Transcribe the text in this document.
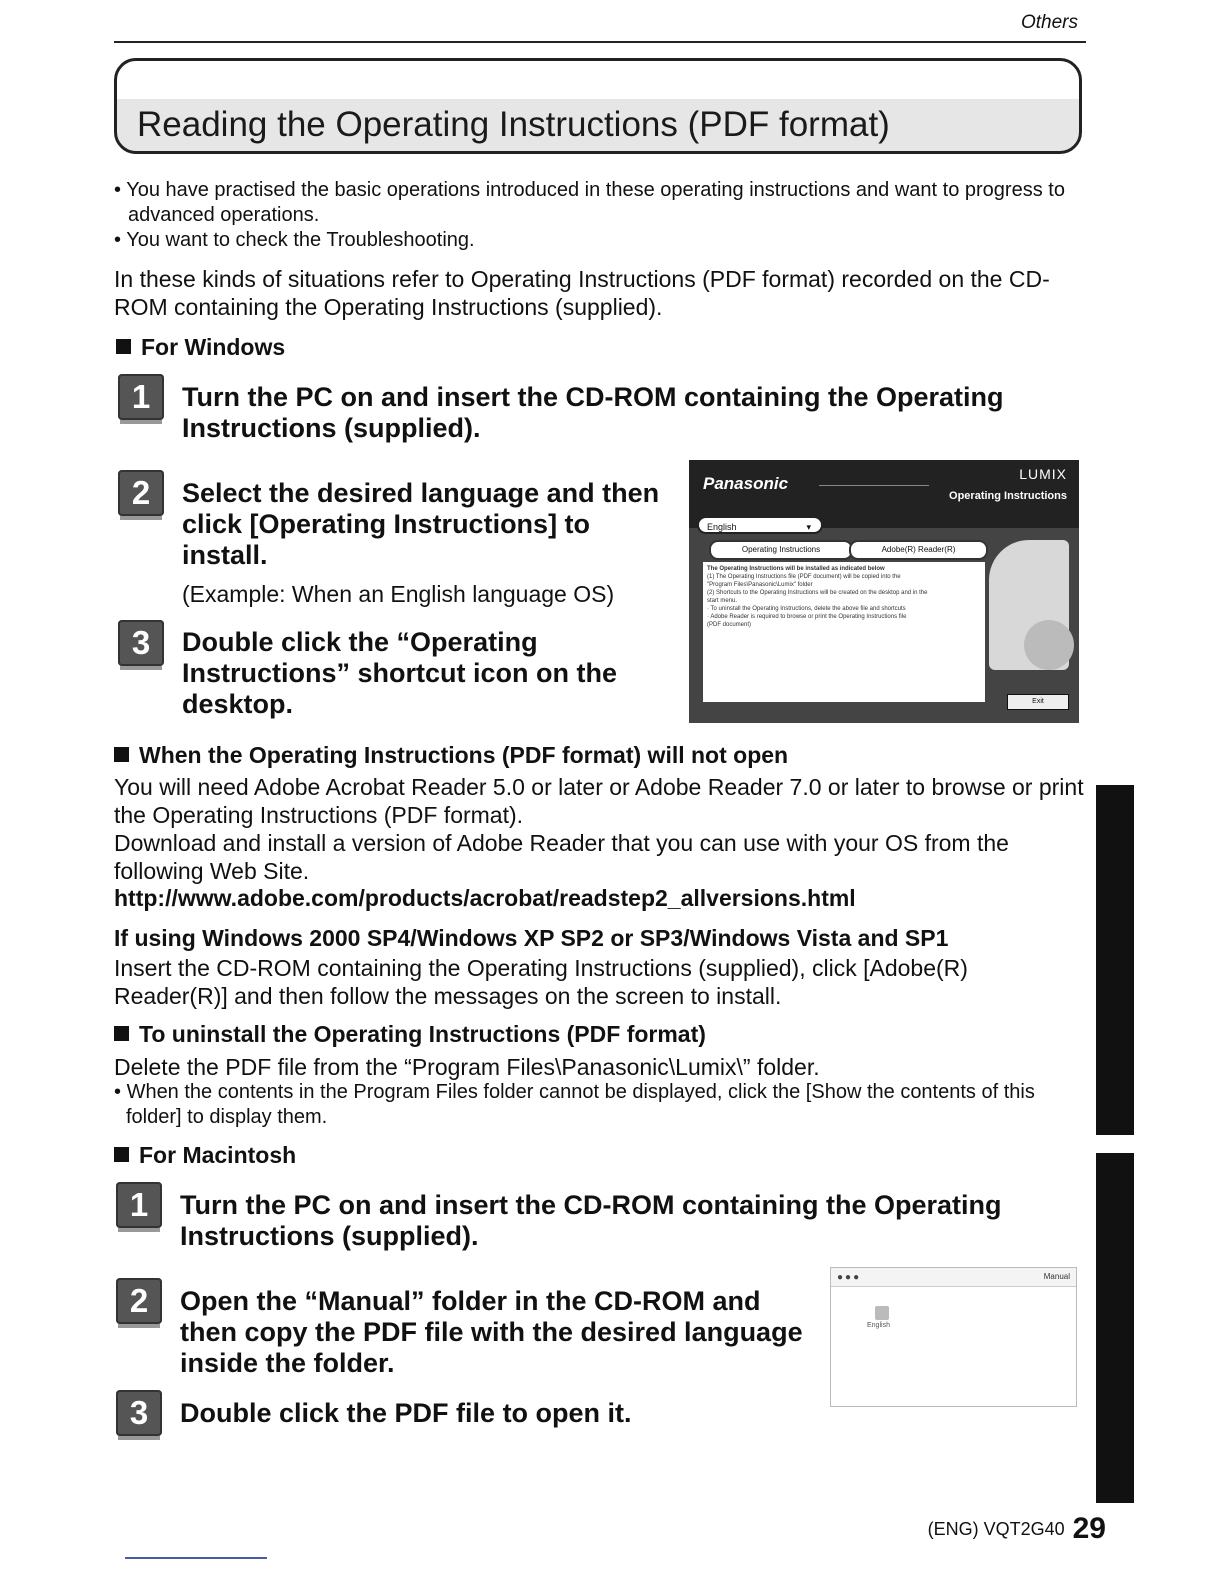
Others
Reading the Operating Instructions (PDF format)
• You have practised the basic operations introduced in these operating instructions and want to progress to advanced operations.
• You want to check the Troubleshooting.
In these kinds of situations refer to Operating Instructions (PDF format) recorded on the CD-ROM containing the Operating Instructions (supplied).
For Windows
1	Turn the PC on and insert the CD-ROM containing the Operating Instructions (supplied).
2	Select the desired language and then click [Operating Instructions] to install.
(Example: When an English language OS)
3	Double click the “Operating Instructions” shortcut icon on the desktop.
Panasonic	LUMIX
Operating Instructions
English	▾
Operating Instructions	Adobe(R) Reader(R)
The Operating Instructions will be installed as indicated below
(1) The Operating Instructions file (PDF document) will be copied into the
"Program Files\Panasonic\Lumix" folder
(2) Shortcuts to the Operating Instructions will be created on the desktop and in the
start menu.
· To uninstall the Operating Instructions, delete the above file and shortcuts
· Adobe Reader is required to browse or print the Operating Instructions file
(PDF document)
Exit
When the Operating Instructions (PDF format) will not open
You will need Adobe Acrobat Reader 5.0 or later or Adobe Reader 7.0 or later to browse or print the Operating Instructions (PDF format).
Download and install a version of Adobe Reader that you can use with your OS from the following Web Site.
http://www.adobe.com/products/acrobat/readstep2_allversions.html
If using Windows 2000 SP4/Windows XP SP2 or SP3/Windows Vista and SP1
Insert the CD-ROM containing the Operating Instructions (supplied), click [Adobe(R) Reader(R)] and then follow the messages on the screen to install.
To uninstall the Operating Instructions (PDF format)
Delete the PDF file from the “Program Files\Panasonic\Lumix\” folder.
• When the contents in the Program Files folder cannot be displayed, click the [Show the contents of this folder] to display them.
For Macintosh
1	Turn the PC on and insert the CD-ROM containing the Operating Instructions (supplied).
2	Open the “Manual” folder in the CD-ROM and then copy the PDF file with the desired language inside the folder.
3	Double click the PDF file to open it.
●●●	Manual
English
(ENG) VQT2G40 29
